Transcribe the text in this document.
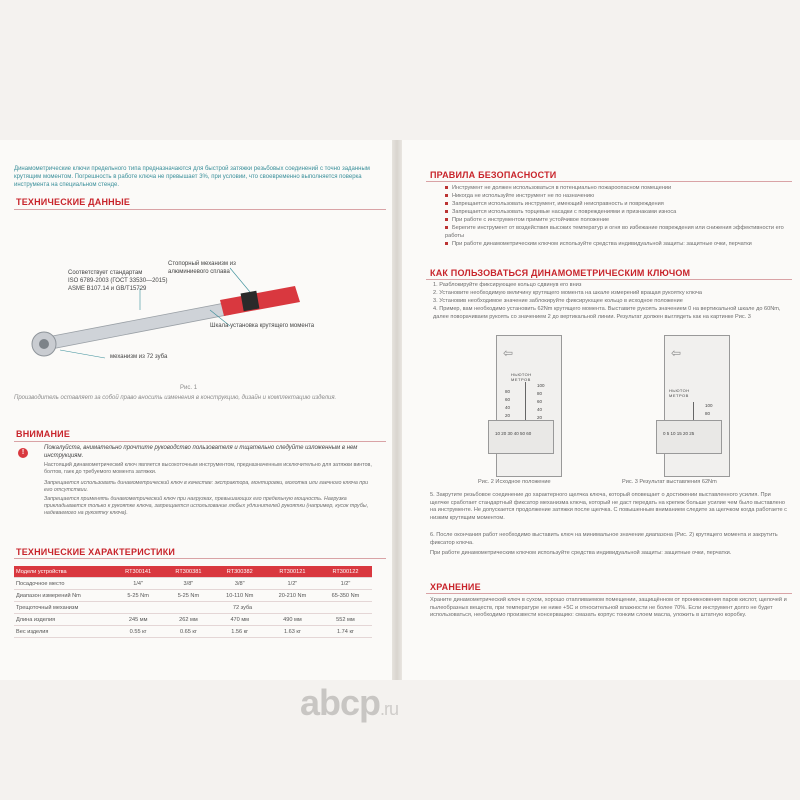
Динамометрические ключи предельного типа предназначаются для быстрой затяжки резьбовых соединений с точно заданным крутящим моментом. Погрешность в работе ключа не превышает 3%, при условии, что своевременно выполняется поверка инструмента на специальном стенде.
ТЕХНИЧЕСКИЕ ДАННЫЕ
Соответствует стандартам
ISO 6789-2003 (ГОСТ 33530—2015)
ASME B107.14 и GB/T15729
Стопорный механизм из
алюминиевого сплава
Шкала установка крутящего момента
механизм из 72 зуба
Рис. 1
Производитель оставляет за собой право вносить изменения в конструкцию, дизайн и комплектацию изделия.
ВНИМАНИЕ
!
Пожалуйста, внимательно прочтите руководство пользователя и тщательно следуйте изложенным в нем инструкциям.
Настоящий динамометрический ключ является высокоточным инструментом, предназначенным исключительно для затяжки винтов, болтов, гаек до требуемого момента затяжки.
Запрещается использовать динамометрический ключ в качестве: экстрактора, монтировки, молотка или гаечного ключа при его отсутствии.
Запрещается применять динамометрический ключ при нагрузках, превышающих его предельную мощность. Нагрузка прикладывается только к рукоятке ключа, запрещается использование любых удлинителей рукоятки (например, кусок трубы, надеваемого на рукоятку ключа).
ТЕХНИЧЕСКИЕ ХАРАКТЕРИСТИКИ
Модели устройства	RT300141	RT300381	RT300382	RT300121	RT300122
Посадочное место	1/4"	3/8"	3/8"	1/2"	1/2"
Диапазон измерений Nm	5-25 Nm	5-25 Nm	10-110 Nm	20-210 Nm	65-350 Nm
Трещоточный механизм	72 зуба				
Длина изделия	245 мм	262 мм	470 мм	490 мм	552 мм
Вес изделия	0.55 кг	0.65 кг	1.56 кг	1.63 кг	1.74 кг
ПРАВИЛА БЕЗОПАСНОСТИ
Инструмент не должен использоваться в потенциально пожароопасном помещении
Никогда не используйте инструмент не по назначению
Запрещается использовать инструмент, имеющий неисправность и повреждения
Запрещается использовать торцевые насадки с повреждениями и признаками износа
При работе с инструментом примите устойчивое положение
Берегите инструмент от воздействия высоких температур и огня во избежание повреждения или снижения эффективности его работы
При работе динамометрическим ключом используйте средства индивидуальной защиты: защитные очки, перчатки
КАК ПОЛЬЗОВАТЬСЯ ДИНАМОМЕТРИЧЕСКИМ КЛЮЧОМ
1. Разблокируйте фиксирующее кольцо сдвинув его вниз
2. Установите необходимую величину крутящего момента на шкале измерений вращая рукоятку ключа
3. Установив необходимое значение заблокируйте фиксирующее кольцо в исходное положение
4. Пример, вам необходимо установить 62Nm крутящего момента. Выставите рукоять значением 0 на вертикальной шкале до 60Nm, далее поворачиваем рукоять со значением 2 до вертикальной линии. Результат должен выглядеть как на картинке Рис. 3
⇦
НЬЮТОН
МЕТРОВ
80
60
40
20
100
80
60
40
20
10 20 30 40 50 60
Рис. 2 Исходное положение
⇦
НЬЮТОН
МЕТРОВ
100
80
0 5 10 15 20 25
Рис. 3 Результат выставления 62Nm
5. Закрутите резьбовое соединение до характерного щелчка ключа, который оповещает о достижении выставленного усилия. При щелчке сработает стандартный фиксатор механизма ключа, который не даст передать на крепеж больше усилие чем было выставлено на инструменте. Не допускается продолжение затяжки после щелчка. С повышенным вниманием следите за щелчком когда работаете с низким крутящим моментом.
6. После окончания работ необходимо выставить ключ на минимальное значение диапазона (Рис. 2) крутящего момента и закрутить фиксатор ключа.
При работе динамометрическим ключом используйте средства индивидуальной защиты: защитные очки, перчатки.
ХРАНЕНИЕ
Храните динамометрический ключ в сухом, хорошо отапливаемом помещении, защищённом от проникновения паров кислот, щелочей и пылеобразных веществ, при температуре не ниже +5С и относительной влажности не более 70%. Если инструмент долго не будет использоваться, необходимо произвести консервацию: смазать корпус тонким слоем масла, уложить в штатную коробку.
abcp.ru
